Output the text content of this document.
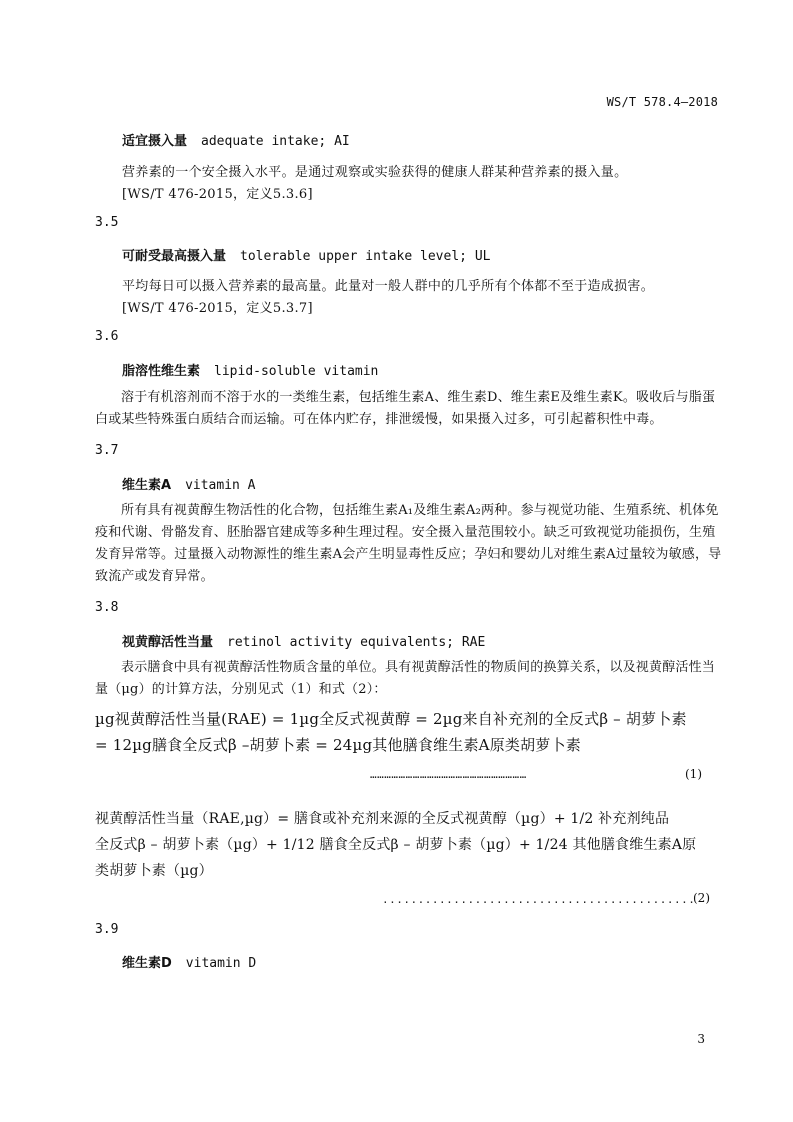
WS/T 578.4—2018
适宜摄入量 adequate intake; AI
营养素的一个安全摄入水平。是通过观察或实验获得的健康人群某种营养素的摄入量。
[WS/T 476-2015，定义5.3.6]
3.5
可耐受最高摄入量 tolerable upper intake level; UL
平均每日可以摄入营养素的最高量。此量对一般人群中的几乎所有个体都不至于造成损害。
[WS/T 476-2015，定义5.3.7]
3.6
脂溶性维生素 lipid-soluble vitamin
溶于有机溶剂而不溶于水的一类维生素，包括维生素A、维生素D、维生素E及维生素K。吸收后与脂蛋白或某些特殊蛋白质结合而运输。可在体内贮存，排泄缓慢，如果摄入过多，可引起蓄积性中毒。
3.7
维生素A vitamin A
所有具有视黄醇生物活性的化合物，包括维生素A₁及维生素A₂两种。参与视觉功能、生殖系统、机体免疫和代谢、骨骼发育、胚胎器官建成等多种生理过程。安全摄入量范围较小。缺乏可致视觉功能损伤，生殖发育异常等。过量摄入动物源性的维生素A会产生明显毒性反应；孕妇和婴幼儿对维生素A过量较为敏感，导致流产或发育异常。
3.8
视黄醇活性当量 retinol activity equivalents; RAE
表示膳食中具有视黄醇活性物质含量的单位。具有视黄醇活性的物质间的换算关系，以及视黄醇活性当量（μg）的计算方法，分别见式（1）和式（2）：
µg视黄醇活性当量(RAE) = 1µg全反式视黄醇 = 2µg来自补充剂的全反式β – 胡萝卜素
= 12µg膳食全反式β –胡萝卜素 = 24µg其他膳食维生素A原类胡萝卜素
…………………………………………………………	(1)
视黄醇活性当量（RAE,µg）= 膳食或补充剂来源的全反式视黄醇（µg）+ 1/2 补充剂纯品
全反式β – 胡萝卜素（µg）+ 1/12 膳食全反式β – 胡萝卜素（µg）+ 1/24 其他膳食维生素A原
类胡萝卜素（µg）
............................................
(2)
3.9
维生素D vitamin D
3
